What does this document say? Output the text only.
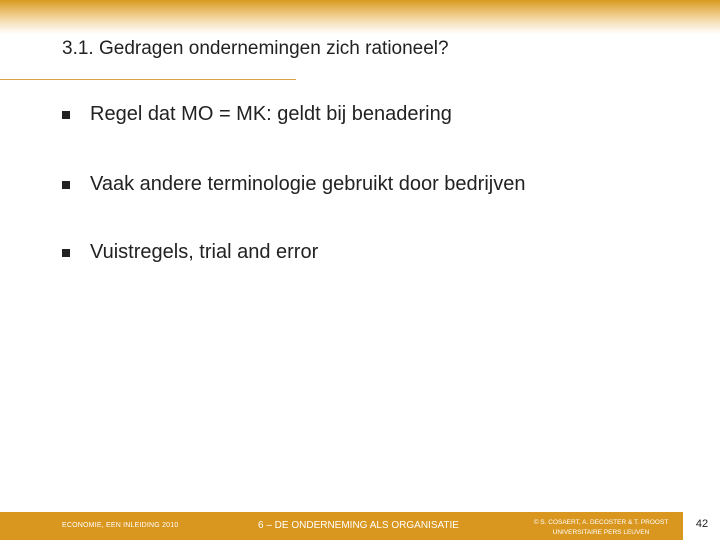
3.1. Gedragen ondernemingen zich rationeel?
Regel dat MO = MK: geldt bij benadering
Vaak andere terminologie gebruikt door bedrijven
Vuistregels, trial and error
ECONOMIE, EEN INLEIDING 2010	6 – DE ONDERNEMING ALS ORGANISATIE	© S. COSAERT, A. DECOSTER & T. PROOST
UNIVERSITAIRE PERS LEUVEN
42
